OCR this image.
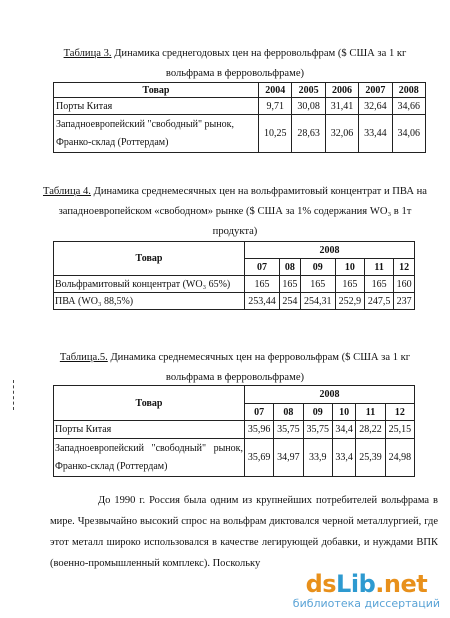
Таблица 3. Динамика среднегодовых цен на ферровольфрам ($ США за 1 кг вольфрама в ферровольфраме)

Товар	2004	2005	2006	2007	2008
Порты Китая	9,71	30,08	31,41	32,64	34,66
Западноевропейский "свободный" рынок, Франко-склад (Роттердам)	10,25	28,63	32,06	33,44	34,06

Таблица 4. Динамика среднемесячных цен на вольфрамитовый концентрат и ПВА на западноевропейском «свободном» рынке ($ США за 1% содержания WO₃ в 1т продукта)

Товар	2008					
	07	08	09	10	11	12
Вольфрамитовый концентрат (WO₃ 65%)	165	165	165	165	165	160
ПВА (WO₃ 88,5%)	253,44	254	254,31	252,9	247,5	237

Таблица.5. Динамика среднемесячных цен на ферровольфрам ($ США за 1 кг вольфрама в ферровольфраме)

Товар	2008					
	07	08	09	10	11	12
Порты Китая	35,96	35,75	35,75	34,4	28,22	25,15
Западноевропейский "свободный" рынок, Франко-склад (Роттердам)	35,69	34,97	33,9	33,4	25,39	24,98

До 1990 г. Россия была одним из крупнейших потребителей вольфрама в мире. Чрезвычайно высокий спрос на вольфрам диктовался черной металлургией, где этот металл широко использовался в качестве легирующей добавки, и нуждами ВПК (военно-промышленный комплекс). Поскольку

dsLib.net
библиотека диссертаций
